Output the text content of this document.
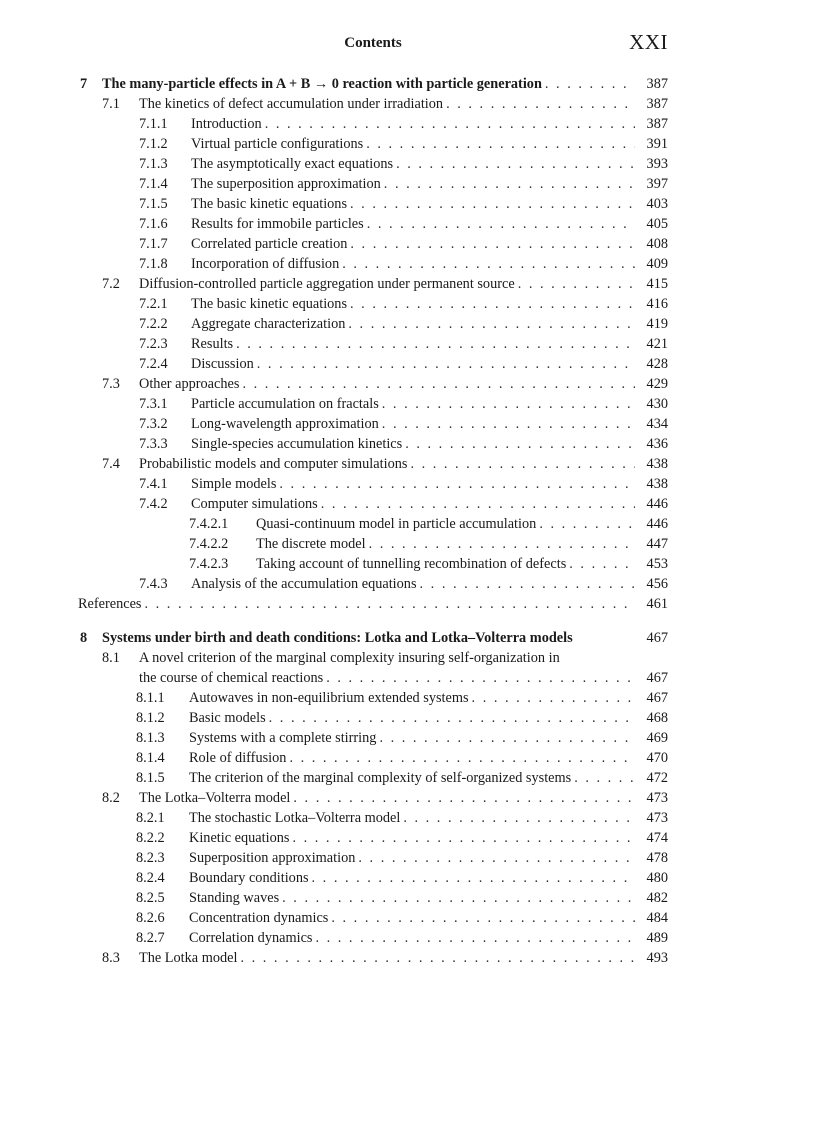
Contents	XXI
7 The many-particle effects in A + B → 0 reaction with particle generation . . .	387
7.1 The kinetics of defect accumulation under irradiation . . .	387
7.1.1 Introduction . . .	387
7.1.2 Virtual particle configurations . . .	391
7.1.3 The asymptotically exact equations . . .	393
7.1.4 The superposition approximation . . .	397
7.1.5 The basic kinetic equations . . .	403
7.1.6 Results for immobile particles . . .	405
7.1.7 Correlated particle creation . . .	408
7.1.8 Incorporation of diffusion . . .	409
7.2 Diffusion-controlled particle aggregation under permanent source . . .	415
7.2.1 The basic kinetic equations . . .	416
7.2.2 Aggregate characterization . . .	419
7.2.3 Results . . .	421
7.2.4 Discussion . . .	428
7.3 Other approaches . . .	429
7.3.1 Particle accumulation on fractals . . .	430
7.3.2 Long-wavelength approximation . . .	434
7.3.3 Single-species accumulation kinetics . . .	436
7.4 Probabilistic models and computer simulations . . .	438
7.4.1 Simple models . . .	438
7.4.2 Computer simulations . . .	446
7.4.2.1 Quasi-continuum model in particle accumulation . . .	446
7.4.2.2 The discrete model . . .	447
7.4.2.3 Taking account of tunnelling recombination of defects . . .	453
7.4.3 Analysis of the accumulation equations . . .	456
References . . .	461
8 Systems under birth and death conditions: Lotka and Lotka–Volterra models	467
8.1 A novel criterion of the marginal complexity insuring self-organization in
the course of chemical reactions . . .	467
8.1.1 Autowaves in non-equilibrium extended systems . . .	467
8.1.2 Basic models . . .	468
8.1.3 Systems with a complete stirring . . .	469
8.1.4 Role of diffusion . . .	470
8.1.5 The criterion of the marginal complexity of self-organized systems . . .	472
8.2 The Lotka–Volterra model . . .	473
8.2.1 The stochastic Lotka–Volterra model . . .	473
8.2.2 Kinetic equations . . .	474
8.2.3 Superposition approximation . . .	478
8.2.4 Boundary conditions . . .	480
8.2.5 Standing waves . . .	482
8.2.6 Concentration dynamics . . .	484
8.2.7 Correlation dynamics . . .	489
8.3 The Lotka model . . .	493
